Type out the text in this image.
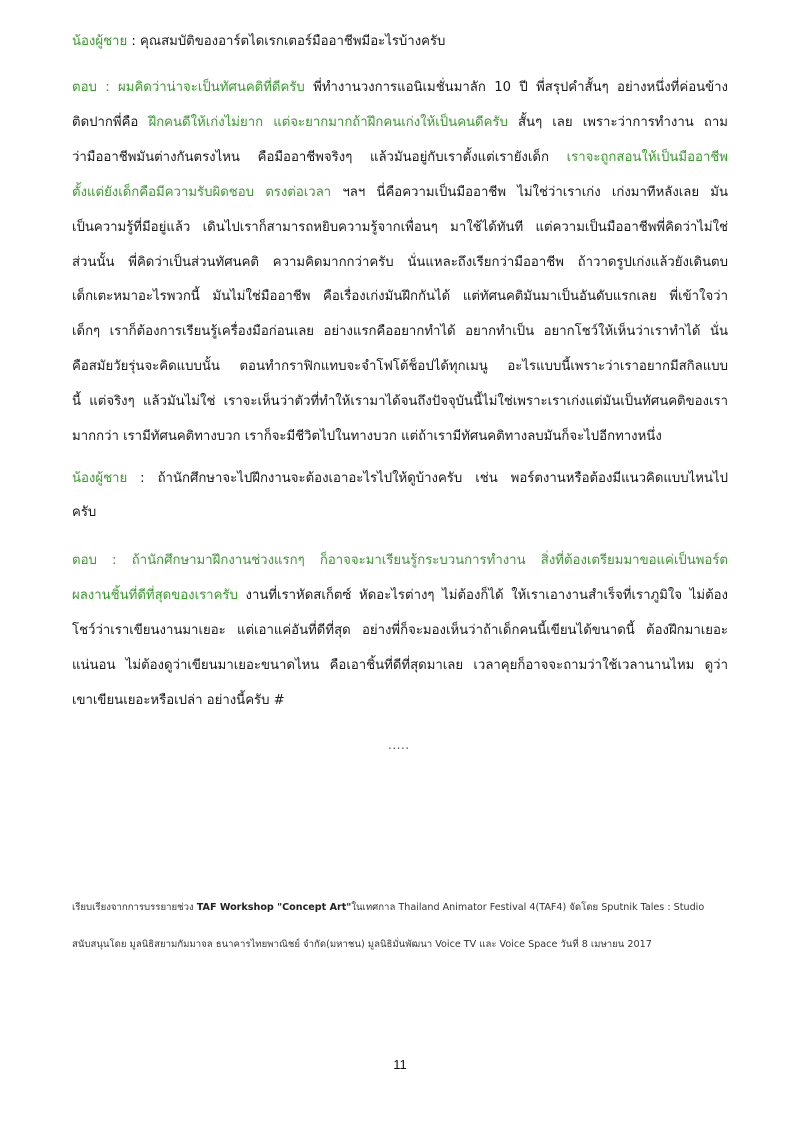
น้องผู้ชาย : คุณสมบัติของอาร์ตไดเรกเตอร์มืออาชีพมีอะไรบ้างครับ
ตอบ : ผมคิดว่าน่าจะเป็นทัศนคติที่ดีครับ พี่ทำงานวงการแอนิเมชั่นมาลัก 10 ปี พี่สรุปคำสั้นๆ อย่างหนึ่งที่ค่อนข้าง
ติดปากพี่คือ ฝึกคนดีให้เก่งไม่ยาก แต่จะยากมากถ้าฝึกคนเก่งให้เป็นคนดีครับ สั้นๆ เลย เพราะว่าการทำงาน ถาม
ว่ามืออาชีพมันต่างกันตรงไหน คือมืออาชีพจริงๆ แล้วมันอยู่กับเราตั้งแต่เรายังเด็ก เราจะถูกสอนให้เป็นมืออาชีพ
ตั้งแต่ยังเด็กคือมีความรับผิดชอบ ตรงต่อเวลา ฯลฯ นี่คือความเป็นมืออาชีพ ไม่ใช่ว่าเราเก่ง เก่งมาทีหลังเลย มัน
เป็นความรู้ที่มีอยู่แล้ว เดินไปเราก็สามารถหยิบความรู้จากเพื่อนๆ มาใช้ได้ทันที แต่ความเป็นมืออาชีพพี่คิดว่าไม่ใช่
ส่วนนั้น พี่คิดว่าเป็นส่วนทัศนคติ ความคิดมากกว่าครับ นั่นแหละถึงเรียกว่ามืออาชีพ ถ้าวาดรูปเก่งแล้วยังเดินตบ
เด็กเตะหมาอะไรพวกนี้ มันไม่ใช่มืออาชีพ คือเรื่องเก่งมันฝึกกันได้ แต่ทัศนคติมันมาเป็นอันดับแรกเลย พี่เข้าใจว่า
เด็กๆ เราก็ต้องการเรียนรู้เครื่องมือก่อนเลย อย่างแรกคืออยากทำได้ อยากทำเป็น อยากโชว์ให้เห็นว่าเราทำได้ นั่น
คือสมัยวัยรุ่นจะคิดแบบนั้น ตอนทำกราฟิกแทบจะจำโฟโต้ช็อปได้ทุกเมนู อะไรแบบนี้เพราะว่าเราอยากมีสกิลแบบ
นี้ แต่จริงๆ แล้วมันไม่ใช่ เราจะเห็นว่าตัวที่ทำให้เรามาได้จนถึงปัจจุบันนี้ไม่ใช่เพราะเราเก่งแต่มันเป็นทัศนคติของเรา
มากกว่า เรามีทัศนคติทางบวก เราก็จะมีชีวิตไปในทางบวก แต่ถ้าเรามีทัศนคติทางลบมันก็จะไปอีกทางหนึ่ง
น้องผู้ชาย : ถ้านักศึกษาจะไปฝึกงานจะต้องเอาอะไรไปให้ดูบ้างครับ เช่น พอร์ตงานหรือต้องมีแนวคิดแบบไหนไป
ครับ
ตอบ : ถ้านักศึกษามาฝึกงานช่วงแรกๆ ก็อาจจะมาเรียนรู้กระบวนการทำงาน สิ่งที่ต้องเตรียมมาขอแค่เป็นพอร์ต
ผลงานชิ้นที่ดีที่สุดของเราครับ งานที่เราหัดสเก็ตซ์ หัดอะไรต่างๆ ไม่ต้องก็ได้ ให้เราเอางานสำเร็จที่เราภูมิใจ ไม่ต้อง
โชว์ว่าเราเขียนงานมาเยอะ แต่เอาแค่อันที่ดีที่สุด อย่างพี่ก็จะมองเห็นว่าถ้าเด็กคนนี้เขียนได้ขนาดนี้ ต้องฝึกมาเยอะ
แน่นอน ไม่ต้องดูว่าเขียนมาเยอะขนาดไหน คือเอาชิ้นที่ดีที่สุดมาเลย เวลาคุยก็อาจจะถามว่าใช้เวลานานไหม ดูว่า
เขาเขียนเยอะหรือเปล่า อย่างนี้ครับ #
.....
เรียบเรียงจากการบรรยายช่วง TAF Workshop "Concept Art"ในเทศกาล Thailand Animator Festival 4(TAF4) จัดโดย Sputnik Tales : Studio
สนับสนุนโดย มูลนิธิสยามกัมมาจล ธนาคารไทยพาณิชย์ จำกัด(มหาชน) มูลนิธิมั่นพัฒนา Voice TV และ Voice Space วันที่ 8 เมษายน 2017
11
